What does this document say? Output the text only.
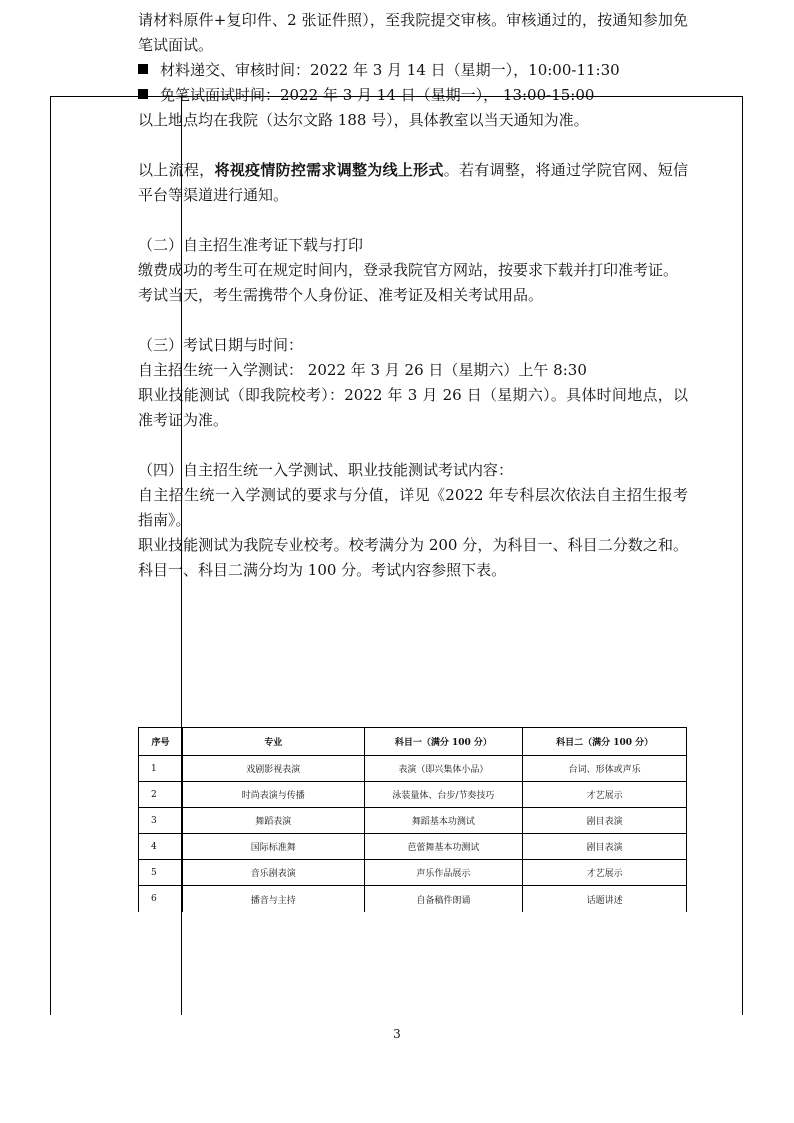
请材料原件+复印件、2 张证件照），至我院提交审核。审核通过的，按通知参加免笔试面试。

材料递交、审核时间：2022 年 3 月 14 日（星期一），10:00-11:30

免笔试面试时间：2022 年 3 月 14 日（星期一）， 13:00-15:00

以上地点均在我院（达尔文路 188 号），具体教室以当天通知为准。

以上流程，将视疫情防控需求调整为线上形式。若有调整，将通过学院官网、短信平台等渠道进行通知。

（二）自主招生准考证下载与打印

缴费成功的考生可在规定时间内，登录我院官方网站，按要求下载并打印准考证。

考试当天，考生需携带个人身份证、准考证及相关考试用品。

（三）考试日期与时间：

自主招生统一入学测试： 2022 年 3 月 26 日（星期六）上午 8:30

职业技能测试（即我院校考）：2022 年 3 月 26 日（星期六）。具体时间地点，以准考证为准。

（四）自主招生统一入学测试、职业技能测试考试内容：

自主招生统一入学测试的要求与分值，详见《2022 年专科层次依法自主招生报考指南》。

职业技能测试为我院专业校考。校考满分为 200 分，为科目一、科目二分数之和。科目一、科目二满分均为 100 分。考试内容参照下表。

序号	专业	科目一（满分 100 分）	科目二（满分 100 分）
1	戏剧影视表演	表演（即兴集体小品）	台词、形体或声乐
2	时尚表演与传播	泳装量体、台步/节奏技巧	才艺展示
3	舞蹈表演	舞蹈基本功测试	剧目表演
4	国际标准舞	芭蕾舞基本功测试	剧目表演
5	音乐剧表演	声乐作品展示	才艺展示
6	播音与主持	自备稿件朗诵	话题讲述
3
